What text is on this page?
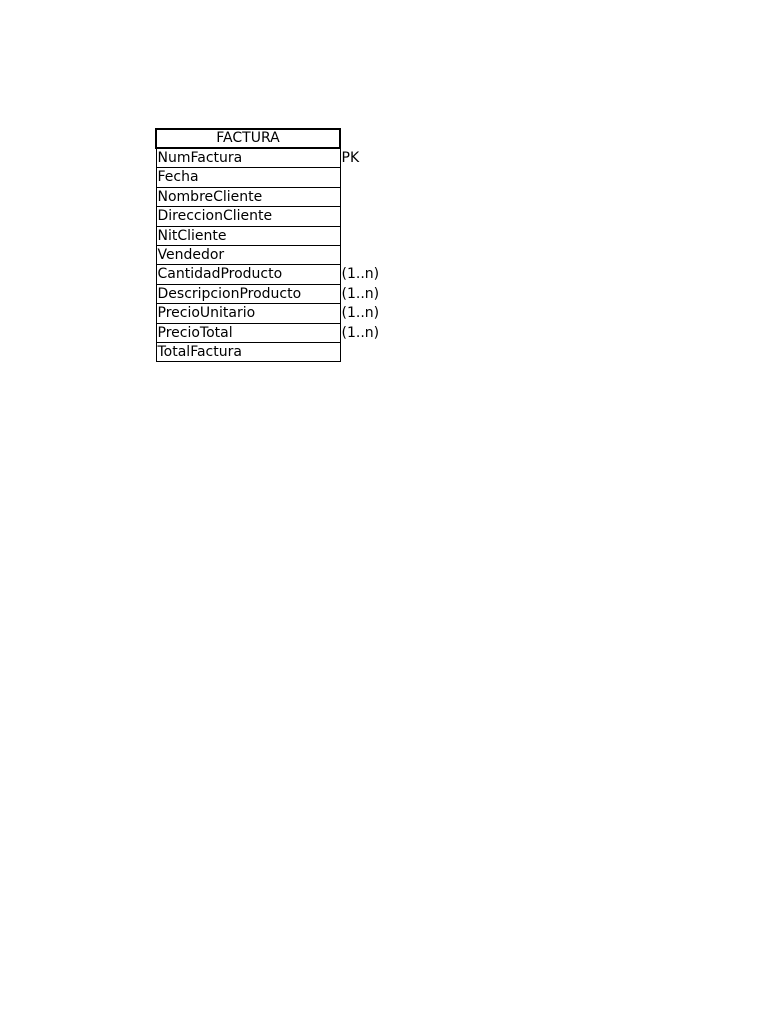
FACTURA
NumFactura	PK
Fecha
NombreCliente
DireccionCliente
NitCliente
Vendedor
CantidadProducto	(1..n)
DescripcionProducto	(1..n)
PrecioUnitario	(1..n)
PrecioTotal	(1..n)
TotalFactura
